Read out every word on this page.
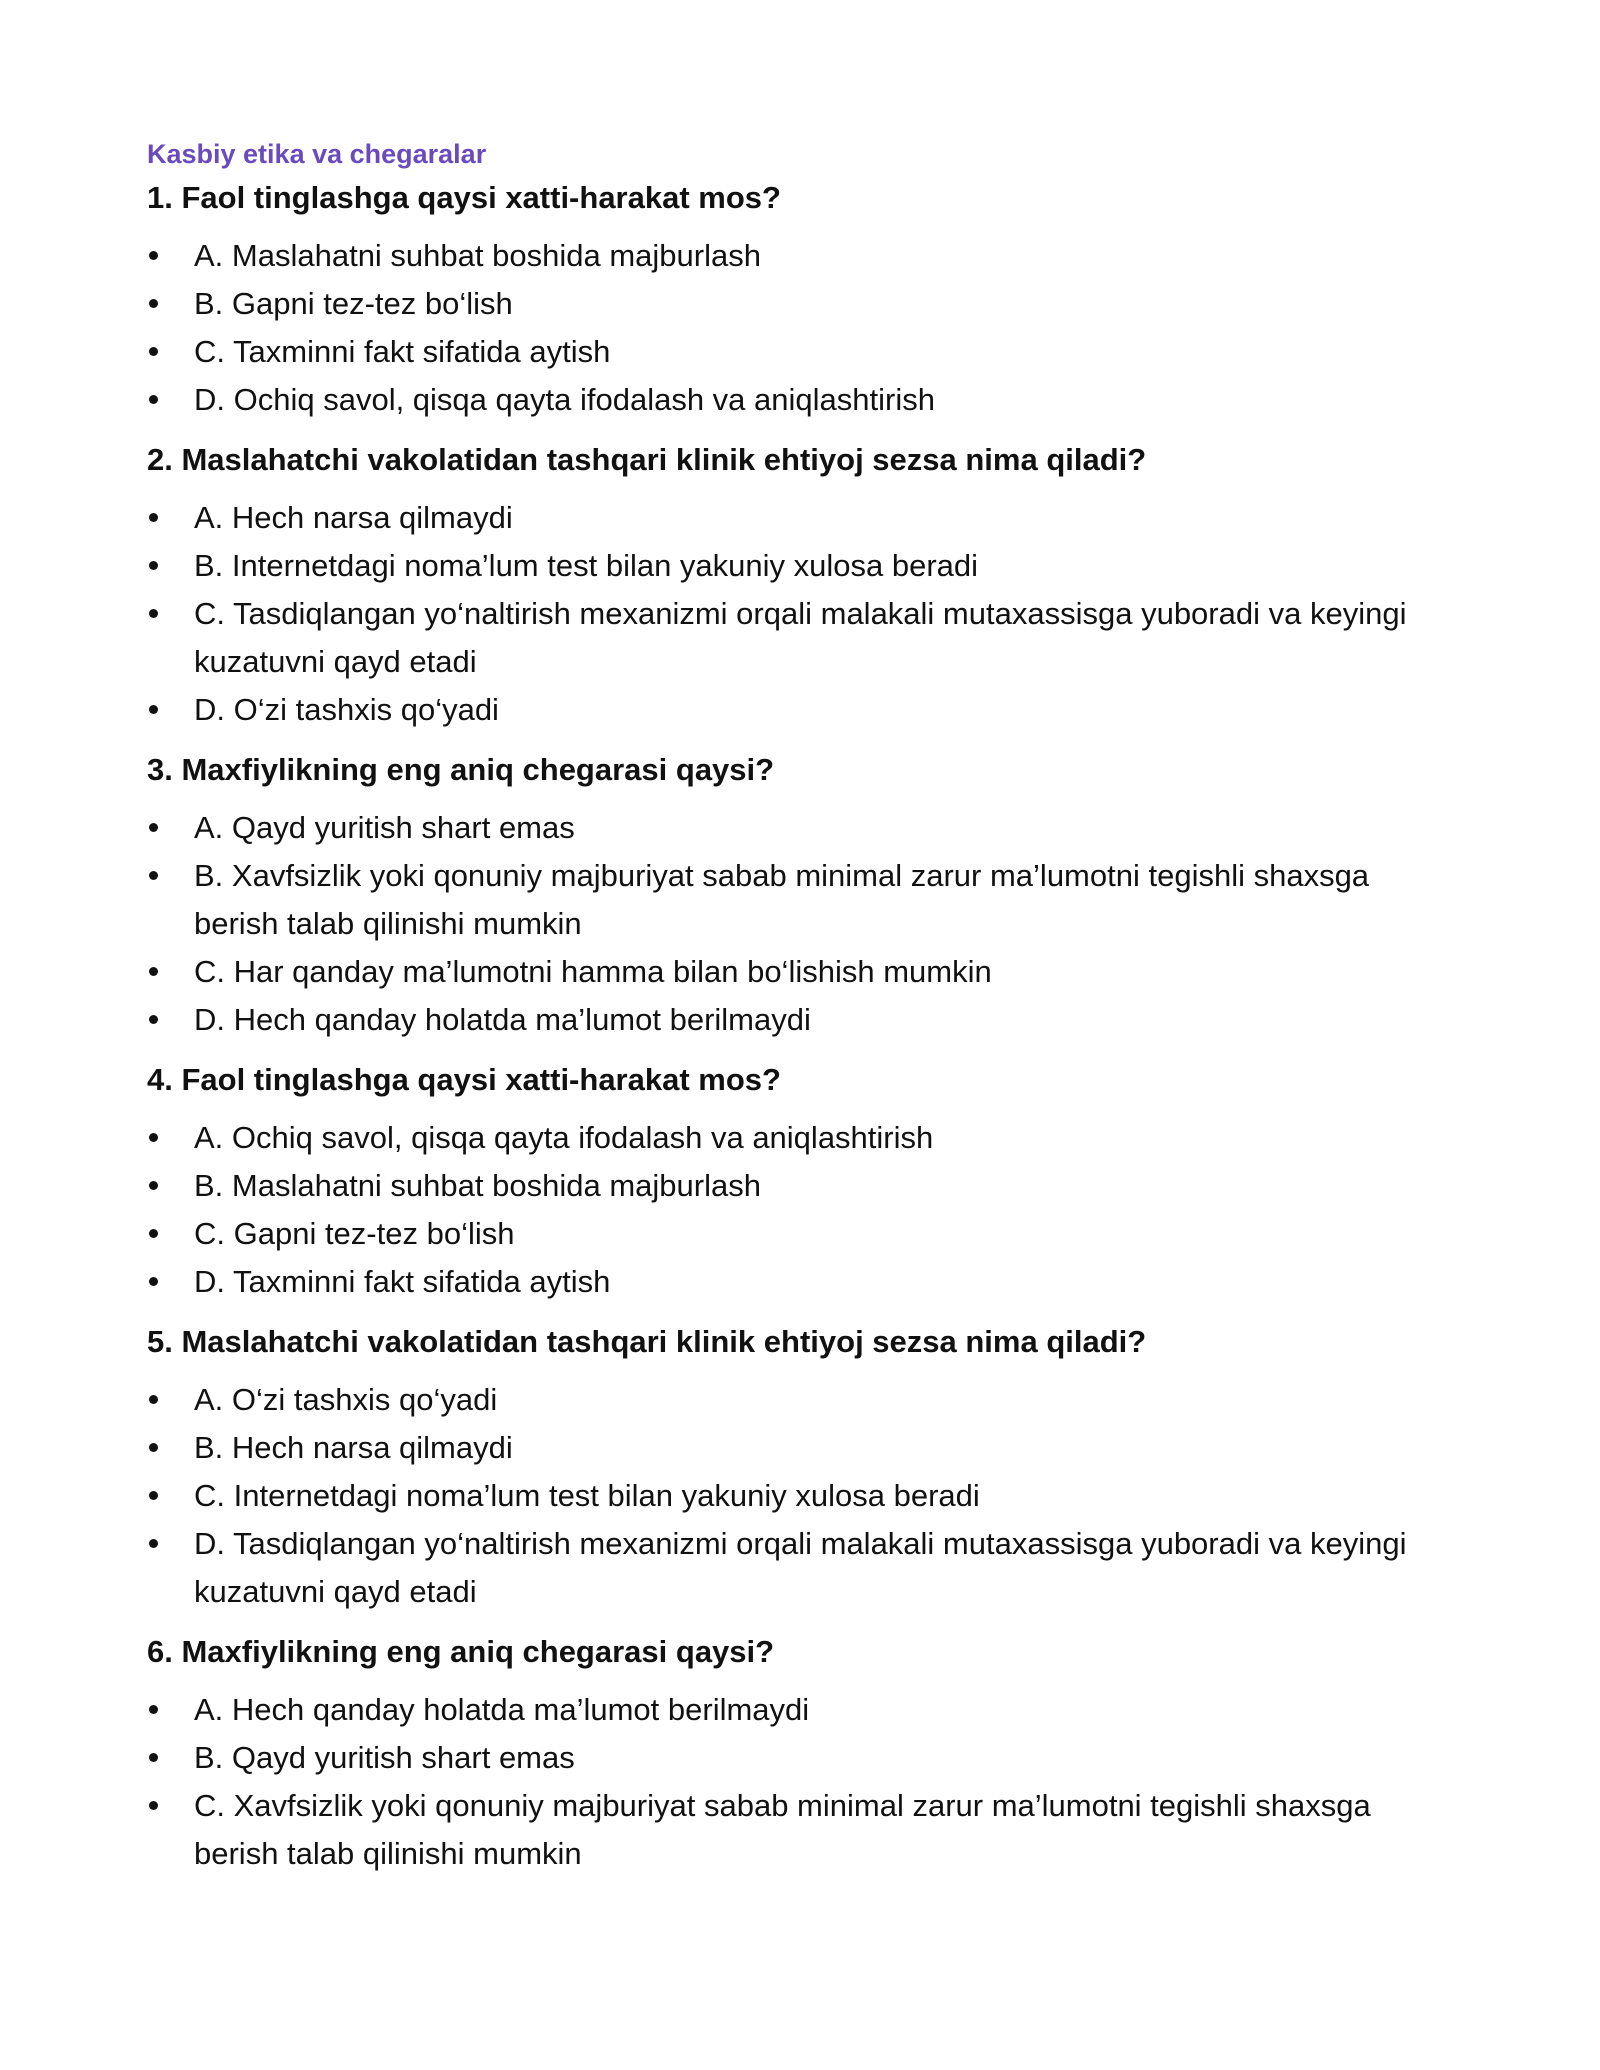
Kasbiy etika va chegaralar
1. Faol tinglashga qaysi xatti-harakat mos?
A. Maslahatni suhbat boshida majburlash
B. Gapni tez-tez bo‘lish
C. Taxminni fakt sifatida aytish
D. Ochiq savol, qisqa qayta ifodalash va aniqlashtirish
2. Maslahatchi vakolatidan tashqari klinik ehtiyoj sezsa nima qiladi?
A. Hech narsa qilmaydi
B. Internetdagi noma’lum test bilan yakuniy xulosa beradi
C. Tasdiqlangan yo‘naltirish mexanizmi orqali malakali mutaxassisga yuboradi va keyingi kuzatuvni qayd etadi
D. O‘zi tashxis qo‘yadi
3. Maxfiylikning eng aniq chegarasi qaysi?
A. Qayd yuritish shart emas
B. Xavfsizlik yoki qonuniy majburiyat sabab minimal zarur ma’lumotni tegishli shaxsga berish talab qilinishi mumkin
C. Har qanday ma’lumotni hamma bilan bo‘lishish mumkin
D. Hech qanday holatda ma’lumot berilmaydi
4. Faol tinglashga qaysi xatti-harakat mos?
A. Ochiq savol, qisqa qayta ifodalash va aniqlashtirish
B. Maslahatni suhbat boshida majburlash
C. Gapni tez-tez bo‘lish
D. Taxminni fakt sifatida aytish
5. Maslahatchi vakolatidan tashqari klinik ehtiyoj sezsa nima qiladi?
A. O‘zi tashxis qo‘yadi
B. Hech narsa qilmaydi
C. Internetdagi noma’lum test bilan yakuniy xulosa beradi
D. Tasdiqlangan yo‘naltirish mexanizmi orqali malakali mutaxassisga yuboradi va keyingi kuzatuvni qayd etadi
6. Maxfiylikning eng aniq chegarasi qaysi?
A. Hech qanday holatda ma’lumot berilmaydi
B. Qayd yuritish shart emas
C. Xavfsizlik yoki qonuniy majburiyat sabab minimal zarur ma’lumotni tegishli shaxsga berish talab qilinishi mumkin
